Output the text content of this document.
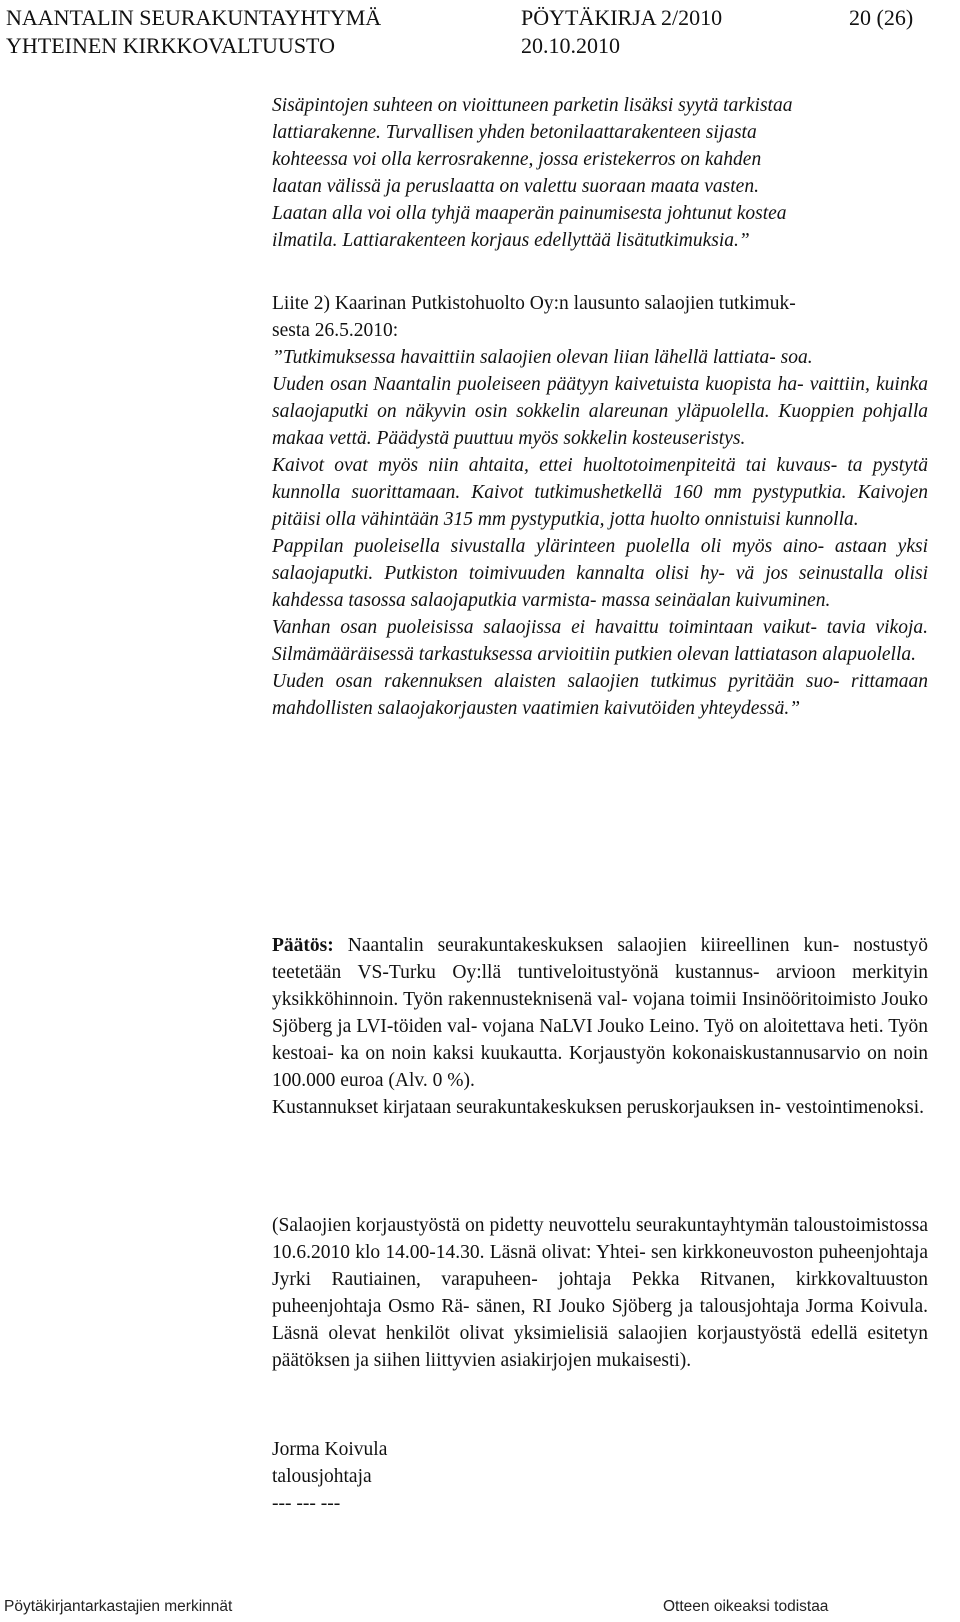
NAANTALIN SEURAKUNTAYHTYMÄ	PÖYTÄKIRJA 2/2010	20 (26)
YHTEINEN KIRKKOVALTUUSTO	20.10.2010

Sisäpintojen suhteen on vioittuneen parketin lisäksi syytä tarkistaa

lattiarakenne. Turvallisen yhden betonilaattarakenteen sijasta

kohteessa voi olla kerrosrakenne, jossa eristekerros on kahden

laatan välissä ja peruslaatta on valettu suoraan maata vasten.

Laatan alla voi olla tyhjä maaperän painumisesta johtunut kostea

ilmatila. Lattiarakenteen korjaus edellyttää lisätutkimuksia.”

Liite 2) Kaarinan Putkistohuolto Oy:n lausunto salaojien tutkimuk-

sesta 26.5.2010:

”Tutkimuksessa havaittiin salaojien olevan liian lähellä lattiata- soa.

Uuden osan Naantalin puoleiseen päätyyn kaivetuista kuopista ha- vaittiin, kuinka salaojaputki on näkyvin osin sokkelin alareunan yläpuolella. Kuoppien pohjalla makaa vettä. Päädystä puuttuu myös sokkelin kosteuseristys.

Kaivot ovat myös niin ahtaita, ettei huoltotoimenpiteitä tai kuvaus- ta pystytä kunnolla suorittamaan. Kaivot tutkimushetkellä 160 mm pystyputkia. Kaivojen pitäisi olla vähintään 315 mm pystyputkia, jotta huolto onnistuisi kunnolla.

Pappilan puoleisella sivustalla ylärinteen puolella oli myös aino- astaan yksi salaojaputki. Putkiston toimivuuden kannalta olisi hy- vä jos seinustalla olisi kahdessa tasossa salaojaputkia varmista- massa seinäalan kuivuminen.

Vanhan osan puoleisissa salaojissa ei havaittu toimintaan vaikut- tavia vikoja. Silmämääräisessä tarkastuksessa arvioitiin putkien olevan lattiatason alapuolella.

Uuden osan rakennuksen alaisten salaojien tutkimus pyritään suo- rittamaan mahdollisten salaojakorjausten vaatimien kaivutöiden yhteydessä.”

Päätös: Naantalin seurakuntakeskuksen salaojien kiireellinen kun- nostustyö teetetään VS-Turku Oy:llä tuntiveloitustyönä kustannus- arvioon merkityin yksikköhinnoin. Työn rakennusteknisenä val- vojana toimii Insinööritoimisto Jouko Sjöberg ja LVI-töiden val- vojana NaLVI Jouko Leino. Työ on aloitettava heti. Työn kestoai- ka on noin kaksi kuukautta. Korjaustyön kokonaiskustannusarvio on noin 100.000 euroa (Alv. 0 %).

Kustannukset kirjataan seurakuntakeskuksen peruskorjauksen in- vestointimenoksi.

(Salaojien korjaustyöstä on pidetty neuvottelu seurakuntayhtymän taloustoimistossa 10.6.2010 klo 14.00-14.30. Läsnä olivat: Yhtei- sen kirkkoneuvoston puheenjohtaja Jyrki Rautiainen, varapuheen- johtaja Pekka Ritvanen, kirkkovaltuuston puheenjohtaja Osmo Rä- sänen, RI Jouko Sjöberg ja talousjohtaja Jorma Koivula. Läsnä olevat henkilöt olivat yksimielisiä salaojien korjaustyöstä edellä esitetyn päätöksen ja siihen liittyvien asiakirjojen mukaisesti).

Jorma Koivula

talousjohtaja

--- --- ---

Pöytäkirjantarkastajien merkinnät	Otteen oikeaksi todistaa
